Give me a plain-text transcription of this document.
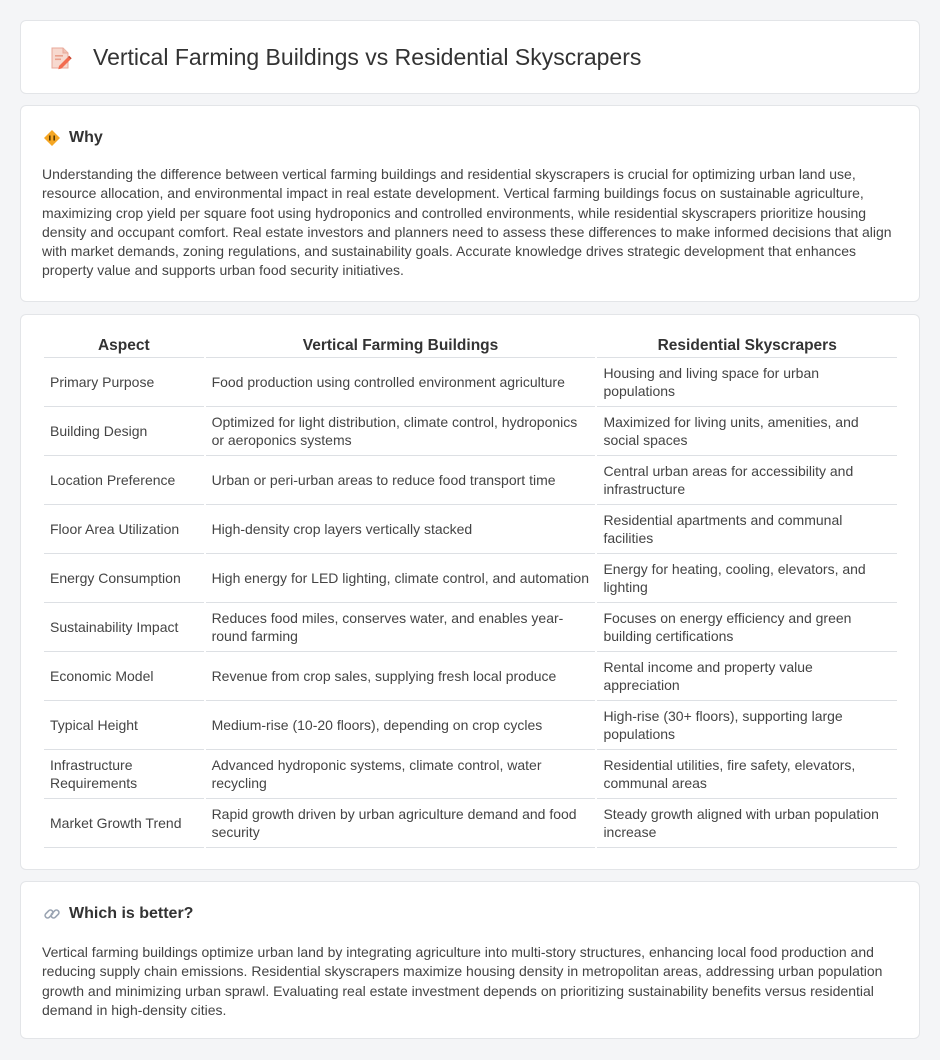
Vertical Farming Buildings vs Residential Skyscrapers
Why

Understanding the difference between vertical farming buildings and residential skyscrapers is crucial for optimizing urban land use, resource allocation, and environmental impact in real estate development. Vertical farming buildings focus on sustainable agriculture, maximizing crop yield per square foot using hydroponics and controlled environments, while residential skyscrapers prioritize housing density and occupant comfort. Real estate investors and planners need to assess these differences to make informed decisions that align with market demands, zoning regulations, and sustainability goals. Accurate knowledge drives strategic development that enhances property value and supports urban food security initiatives.

Aspect	Vertical Farming Buildings	Residential Skyscrapers
Primary Purpose	Food production using controlled environment agriculture	Housing and living space for urban populations
Building Design	Optimized for light distribution, climate control, hydroponics or aeroponics systems	Maximized for living units, amenities, and social spaces
Location Preference	Urban or peri-urban areas to reduce food transport time	Central urban areas for accessibility and infrastructure
Floor Area Utilization	High-density crop layers vertically stacked	Residential apartments and communal facilities
Energy Consumption	High energy for LED lighting, climate control, and automation	Energy for heating, cooling, elevators, and lighting
Sustainability Impact	Reduces food miles, conserves water, and enables year-round farming	Focuses on energy efficiency and green building certifications
Economic Model	Revenue from crop sales, supplying fresh local produce	Rental income and property value appreciation
Typical Height	Medium-rise (10-20 floors), depending on crop cycles	High-rise (30+ floors), supporting large populations
Infrastructure Requirements	Advanced hydroponic systems, climate control, water recycling	Residential utilities, fire safety, elevators, communal areas
Market Growth Trend	Rapid growth driven by urban agriculture demand and food security	Steady growth aligned with urban population increase
Which is better?

Vertical farming buildings optimize urban land by integrating agriculture into multi-story structures, enhancing local food production and reducing supply chain emissions. Residential skyscrapers maximize housing density in metropolitan areas, addressing urban population growth and minimizing urban sprawl. Evaluating real estate investment depends on prioritizing sustainability benefits versus residential demand in high-density cities.
